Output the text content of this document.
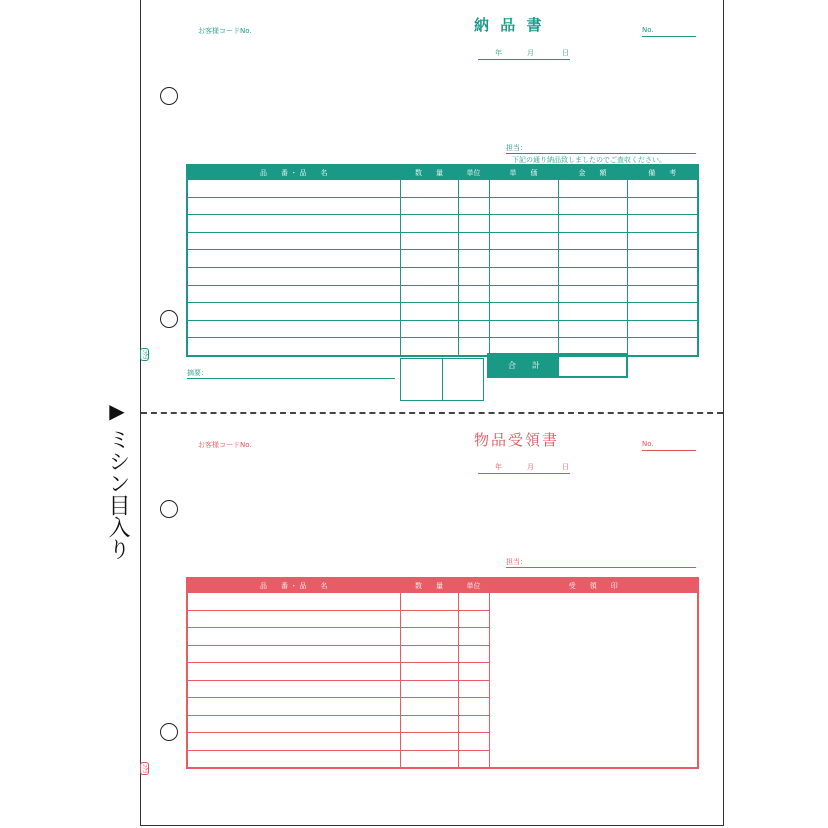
▶
ミシン目入り
お客様コードNo.	納 品 書	No.
年	月	日
担当：
下記の通り納品致しましたのでご査収ください。
品　　番 ・ 品　　名	数　　量	単位	単　　価	金　　額	備　　考

摘要：
合　　計
ｺｸﾖ
お客様コードNo.	物品受領書	No.
年	月	日
担当：
品　　番 ・ 品　　名	数　　量	単位	受　　領　　印

ｺｸﾖ
